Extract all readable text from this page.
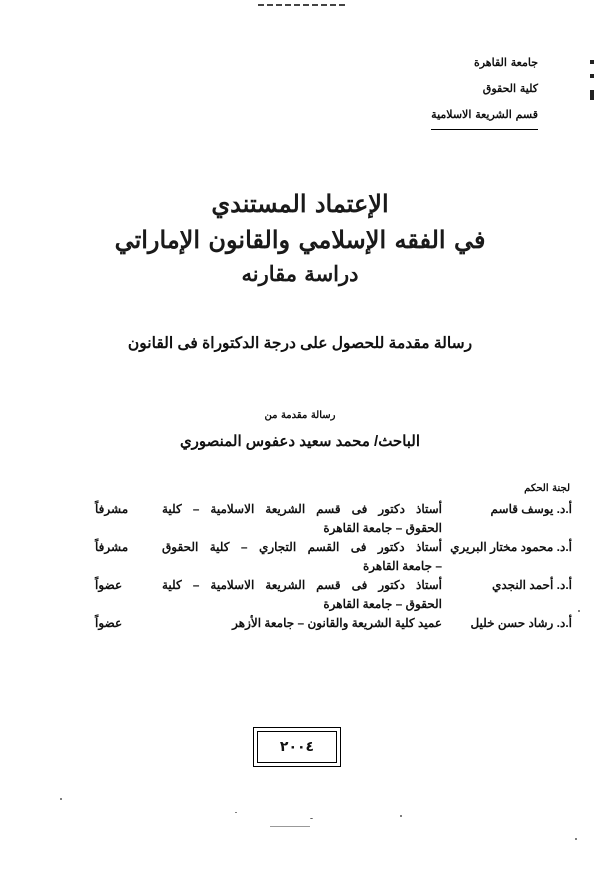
جامعة القاهرة
كلية الحقوق
قسم الشريعة الاسلامية
الإعتماد المستندي
في الفقه الإسلامي والقانون الإماراتي
دراسة مقارنه
رسالة مقدمة للحصول على درجة الدكتوراة فى القانون
رسالة مقدمة من
الباحث/ محمد سعيد دعفوس المنصوري
لجنة الحكم
أ.د. يوسف قاسم
أستاذ دكتور فى قسم الشريعة الاسلامية – كلية
الحقوق – جامعة القاهرة
مشرفاً
أ.د. محمود مختار البريري
أستاذ دكتور فى القسم التجاري – كلية الحقوق
– جامعة القاهرة
مشرفاً
أ.د. أحمد النجدي
أستاذ دكتور فى قسم الشريعة الاسلامية – كلية
الحقوق – جامعة القاهرة
عضواً
أ.د. رشاد حسن خليل
عميد كلية الشريعة والقانون – جامعة الأزهر
عضواً
٢٠٠٤
